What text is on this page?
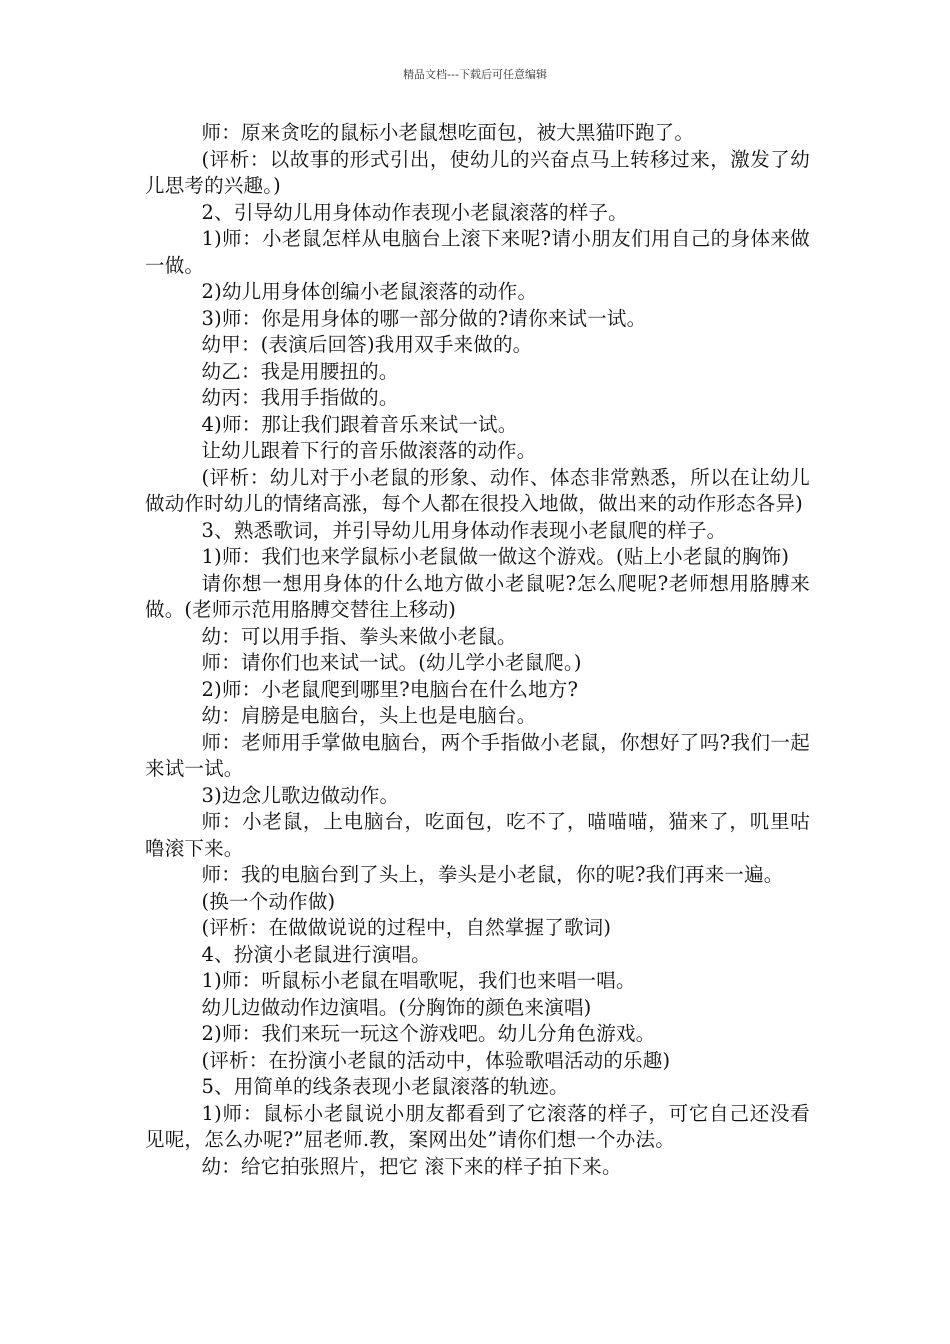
精品文档---下载后可任意编辑

师：原来贪吃的鼠标小老鼠想吃面包，被大黑猫吓跑了。

(评析：以故事的形式引出，使幼儿的兴奋点马上转移过来，激发了幼儿思考的兴趣。)

2、引导幼儿用身体动作表现小老鼠滚落的样子。

1)师：小老鼠怎样从电脑台上滚下来呢?请小朋友们用自己的身体来做一做。

2)幼儿用身体创编小老鼠滚落的动作。

3)师：你是用身体的哪一部分做的?请你来试一试。

幼甲：(表演后回答)我用双手来做的。

幼乙：我是用腰扭的。

幼丙：我用手指做的。

4)师：那让我们跟着音乐来试一试。

让幼儿跟着下行的音乐做滚落的动作。

(评析：幼儿对于小老鼠的形象、动作、体态非常熟悉，所以在让幼儿做动作时幼儿的情绪高涨，每个人都在很投入地做，做出来的动作形态各异)

3、熟悉歌词，并引导幼儿用身体动作表现小老鼠爬的样子。

1)师：我们也来学鼠标小老鼠做一做这个游戏。(贴上小老鼠的胸饰)

请你想一想用身体的什么地方做小老鼠呢?怎么爬呢?老师想用胳膊来做。(老师示范用胳膊交替往上移动)

幼：可以用手指、拳头来做小老鼠。

师：请你们也来试一试。(幼儿学小老鼠爬。)

2)师：小老鼠爬到哪里?电脑台在什么地方?

幼：肩膀是电脑台，头上也是电脑台。

师：老师用手掌做电脑台，两个手指做小老鼠，你想好了吗?我们一起来试一试。

3)边念儿歌边做动作。

师：小老鼠，上电脑台，吃面包，吃不了，喵喵喵，猫来了，叽里咕噜滚下来。

师：我的电脑台到了头上，拳头是小老鼠，你的呢?我们再来一遍。

(换一个动作做)

(评析：在做做说说的过程中，自然掌握了歌词)

4、扮演小老鼠进行演唱。

1)师：听鼠标小老鼠在唱歌呢，我们也来唱一唱。

幼儿边做动作边演唱。(分胸饰的颜色来演唱)

2)师：我们来玩一玩这个游戏吧。幼儿分角色游戏。

(评析：在扮演小老鼠的活动中，体验歌唱活动的乐趣)

5、用简单的线条表现小老鼠滚落的轨迹。

1)师：鼠标小老鼠说小朋友都看到了它滚落的样子，可它自己还没看见呢，怎么办呢?”屈老师.教，案网出处”请你们想一个办法。

幼：给它拍张照片，把它 滚下来的样子拍下来。
